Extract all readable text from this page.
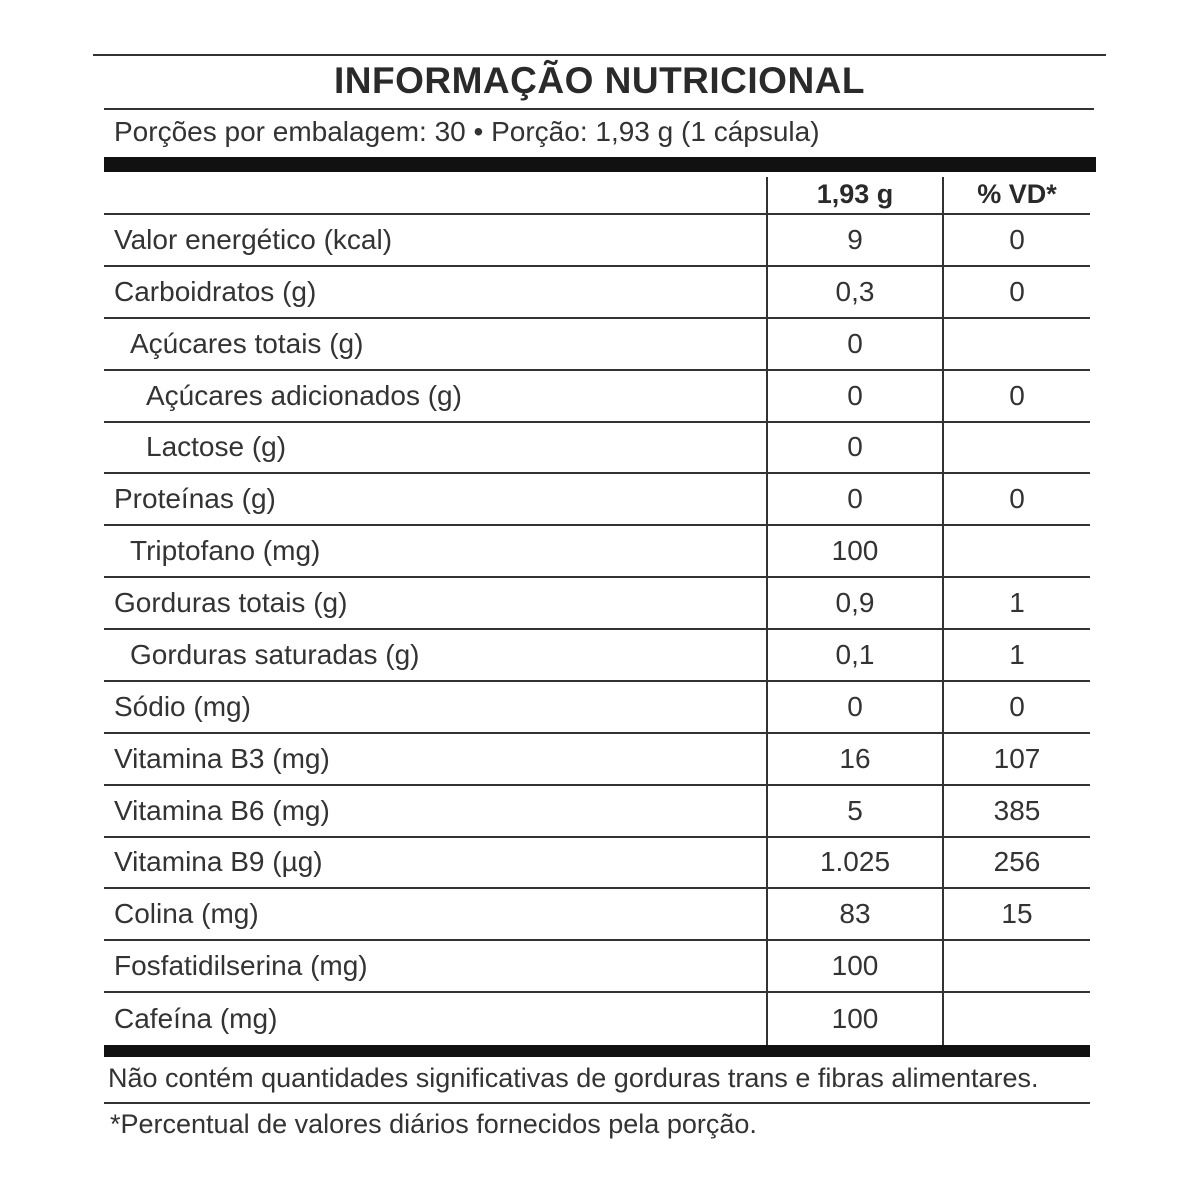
INFORMAÇÃO NUTRICIONAL
Porções por embalagem: 30 • Porção: 1,93 g (1 cápsula)
1,93 g	% VD*
Valor energético (kcal)	9	0
Carboidratos (g)	0,3	0
Açúcares totais (g)	0
Açúcares adicionados (g)	0	0
Lactose (g)	0
Proteínas (g)	0	0
Triptofano (mg)	100
Gorduras totais (g)	0,9	1
Gorduras saturadas (g)	0,1	1
Sódio (mg)	0	0
Vitamina B3 (mg)	16	107
Vitamina B6 (mg)	5	385
Vitamina B9 (µg)	1.025	256
Colina (mg)	83	15
Fosfatidilserina (mg)	100
Cafeína (mg)	100
Não contém quantidades significativas de gorduras trans e fibras alimentares.
*Percentual de valores diários fornecidos pela porção.
